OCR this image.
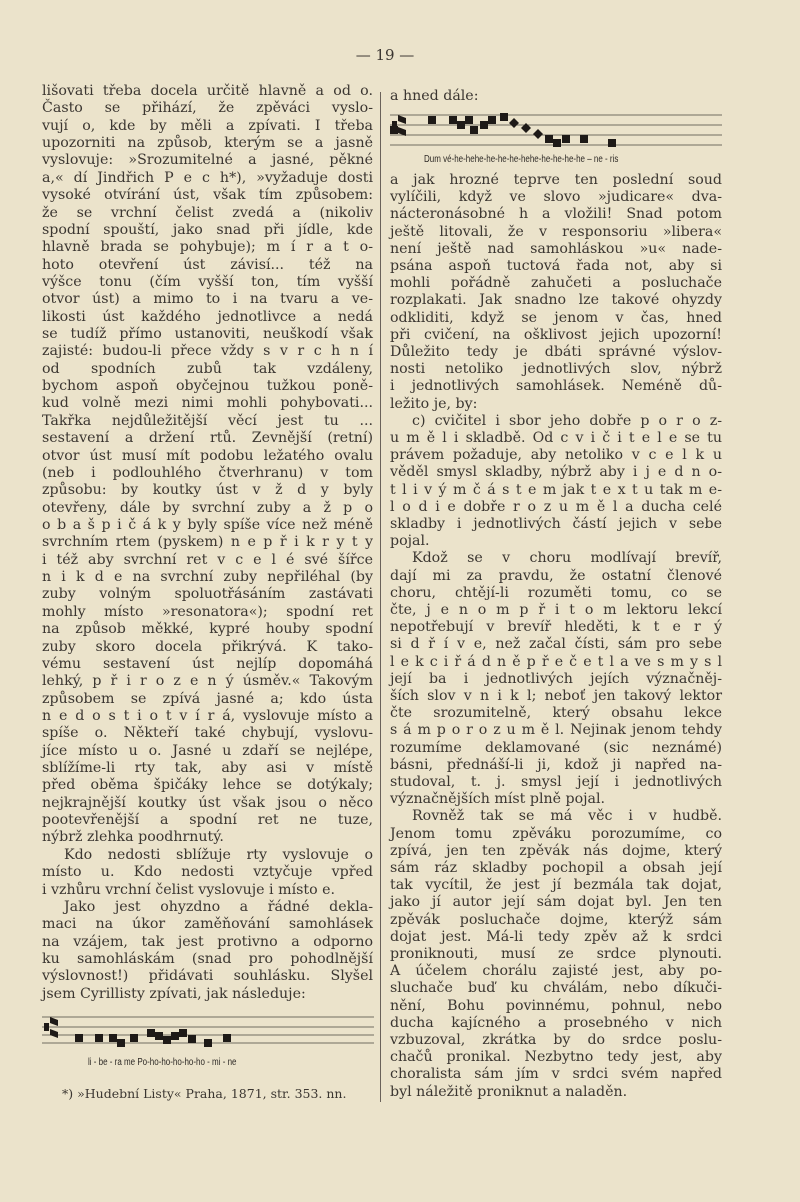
— 19 —
lišovati třeba docela určitě hlavně a od o.
Často se přihází, že zpěváci vyslo-
vují o, kde by měli a zpívati. I třeba
upozorniti na způsob, kterým se a jasně
vyslovuje: »Srozumitelné a jasné, pěkné
a,« dí Jindřich P e c h*), »vyžaduje dosti
vysoké otvírání úst, však tím způsobem:
že se vrchní čelist zvedá a (nikoliv
spodní spouští, jako snad při jídle, kde
hlavně brada se pohybuje); m í r a t o-
hoto otevření úst závisí... též na
výšce tonu (čím vyšší ton, tím vyšší
otvor úst) a mimo to i na tvaru a ve-
likosti úst každého jednotlivce a nedá
se tudíž přímo ustanoviti, neuškodí však
zajisté: budou-li přece vždy s v r c h n í
od spodních zubů tak vzdáleny,
bychom aspoň obyčejnou tužkou poně-
kud volně mezi nimi mohli pohybovati...
Takřka nejdůležitější věcí jest tu ...
sestavení a držení rtů. Zevnější (retní)
otvor úst musí mít podobu ležatého ovalu
(neb i podlouhlého čtverhranu) v tom
způsobu: by koutky úst v ž d y byly
otevřeny, dále by svrchní zuby a ž p o
o b a š p i č á k y byly spíše více než méně
svrchním rtem (pyskem) n e p ř i k r y t y
i též aby svrchní ret v c e l é své šířce
n i k d e na svrchní zuby nepřiléhal (by
zuby volným spoluotřásáním zastávati
mohly místo »resonatora«); spodní ret
na způsob měkké, kypré houby spodní
zuby skoro docela přikrývá. K tako-
vému sestavení úst nejlíp dopomáhá
lehký, p ř i r o z e n ý úsměv.« Takovým
způsobem se zpívá jasné a; kdo ústa
n e d o s t i o t v í r á, vyslovuje místo a
spíše o. Někteří také chybují, vyslovu-
jíce místo u o. Jasné u zdaří se nejlépe,
sblížíme-li rty tak, aby asi v místě
před oběma špičáky lehce se dotýkaly;
nejkrajnější koutky úst však jsou o něco
pootevřenější a spodní ret ne tuze,
nýbrž zlehka poodhrnutý.
Kdo nedosti sblížuje rty vyslovuje o
místo u. Kdo nedosti vztyčuje vpřed
i vzhůru vrchní čelist vyslovuje i místo e.
Jako jest ohyzdno a řádné dekla-
maci na úkor zaměňování samohlásek
na vzájem, tak jest protivno a odporno
ku samohláskám (snad pro pohodlnější
výslovnost!) přidávati souhlásku. Slyšel
jsem Cyrillisty zpívati, jak následuje:
a hned dále:
a jak hrozné teprve ten poslední soud
vylíčili, když ve slovo »judicare« dva-
nácteronásobné h a vložili! Snad potom
ještě litovali, že v responsoriu »libera«
není ještě nad samohláskou »u« nade-
psána aspoň tuctová řada not, aby si
mohli pořádně zahučeti a posluchače
rozplakati. Jak snadno lze takové ohyzdy
odkliditi, když se jenom v čas, hned
při cvičení, na ošklivost jejich upozorní!
Důležito tedy je dbáti správné výslov-
nosti netoliko jednotlivých slov, nýbrž
i jednotlivých samohlásek. Neméně dů-
ležito je, by:
c) cvičitel i sbor jeho dobře p o r o z-
u m ě l i skladbě. Od c v i č i t e l e se tu
právem požaduje, aby netoliko v c e l k u
věděl smysl skladby, nýbrž aby i j e d n o-
t l i v ý m č á s t e m jak t e x t u tak m e-
l o d i e dobře r o z u m ě l a ducha celé
skladby i jednotlivých částí jejich v sebe
pojal.
Kdož se v choru modlívají brevíř,
dají mi za pravdu, že ostatní členové
choru, chtějí-li rozuměti tomu, co se
čte, j e n o m p ř i t o m lektoru lekcí
nepotřebují v brevíř hleděti, k t e r ý
si d ř í v e, než začal čísti, sám pro sebe
l e k c i ř á d n ě p ř e č e t l a ve s m y s l
její ba i jednotlivých jejích význačněj-
ších slov v n i k l; neboť jen takový lektor
čte srozumitelně, který obsahu lekce
s á m p o r o z u m ě l. Nejinak jenom tehdy
rozumíme deklamované (sic neznámé)
básni, přednáší-li ji, kdož ji napřed na-
studoval, t. j. smysl její i jednotlivých
význačnějších míst plně pojal.
Rovněž tak se má věc i v hudbě.
Jenom tomu zpěváku porozumíme, co
zpívá, jen ten zpěvák nás dojme, který
sám ráz skladby pochopil a obsah její
tak vycítil, že jest jí bezmála tak dojat,
jako jí autor její sám dojat byl. Jen ten
zpěvák posluchače dojme, kterýž sám
dojat jest. Má-li tedy zpěv až k srdci
proniknouti, musí ze srdce plynouti.
A účelem chorálu zajisté jest, aby po-
sluchače buď ku chválám, nebo díkuči-
nění, Bohu povinnému, pohnul, nebo
ducha kajícného a prosebného v nich
vzbuzoval, zkrátka by do srdce poslu-
chačů pronikal. Nezbytno tedy jest, aby
choralista sám jím v srdci svém napřed
byl náležitě proniknut a naladěn.
li - be - ra me Po-ho-ho-ho-ho-ho - mi - ne
*) »Hudební Listy« Praha, 1871, str. 353. nn.
Dum vé-he-hehe-he-he-he-hehe-he-he-he-he – ne - ris
